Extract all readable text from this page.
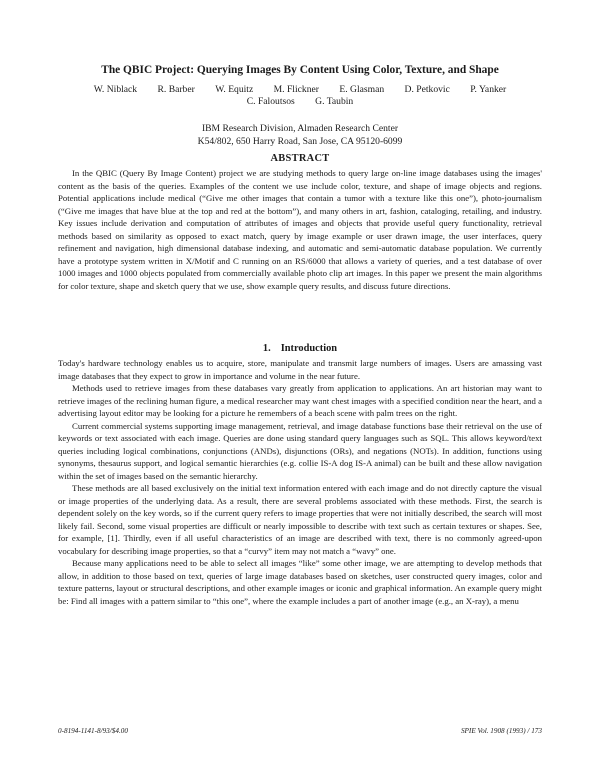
The QBIC Project: Querying Images By Content Using Color, Texture, and Shape
W. Niblack R. Barber W. Equitz M. Flickner E. Glasman D. Petkovic P. Yanker
C. Faloutsos G. Taubin
IBM Research Division, Almaden Research Center
K54/802, 650 Harry Road, San Jose, CA 95120-6099
ABSTRACT
In the QBIC (Query By Image Content) project we are studying methods to query large on-line image databases using the images' content as the basis of the queries. Examples of the content we use include color, texture, and shape of image objects and regions. Potential applications include medical (“Give me other images that contain a tumor with a texture like this one”), photo-journalism (“Give me images that have blue at the top and red at the bottom”), and many others in art, fashion, cataloging, retailing, and industry. Key issues include derivation and computation of attributes of images and objects that provide useful query functionality, retrieval methods based on similarity as opposed to exact match, query by image example or user drawn image, the user interfaces, query refinement and navigation, high dimensional database indexing, and automatic and semi-automatic database population. We currently have a prototype system written in X/Motif and C running on an RS/6000 that allows a variety of queries, and a test database of over 1000 images and 1000 objects populated from commercially available photo clip art images. In this paper we present the main algorithms for color texture, shape and sketch query that we use, show example query results, and discuss future directions.
1. Introduction

Today's hardware technology enables us to acquire, store, manipulate and transmit large numbers of images. Users are amassing vast image databases that they expect to grow in importance and volume in the near future.

Methods used to retrieve images from these databases vary greatly from application to applications. An art historian may want to retrieve images of the reclining human figure, a medical researcher may want chest images with a specified condition near the heart, and a advertising layout editor may be looking for a picture he remembers of a beach scene with palm trees on the right.

Current commercial systems supporting image management, retrieval, and image database functions base their retrieval on the use of keywords or text associated with each image. Queries are done using standard query languages such as SQL. This allows keyword/text queries including logical combinations, conjunctions (ANDs), disjunctions (ORs), and negations (NOTs). In addition, functions using synonyms, thesaurus support, and logical semantic hierarchies (e.g. collie IS-A dog IS-A animal) can be built and these allow navigation within the set of images based on the semantic hierarchy.

These methods are all based exclusively on the initial text information entered with each image and do not directly capture the visual or image properties of the underlying data. As a result, there are several problems associated with these methods. First, the search is dependent solely on the key words, so if the current query refers to image properties that were not initially described, the search will most likely fail. Second, some visual properties are difficult or nearly impossible to describe with text such as certain textures or shapes. See, for example, [1]. Thirdly, even if all useful characteristics of an image are described with text, there is no commonly agreed-upon vocabulary for describing image properties, so that a “curvy” item may not match a “wavy” one.

Because many applications need to be able to select all images “like” some other image, we are attempting to develop methods that allow, in addition to those based on text, queries of large image databases based on sketches, user constructed query images, color and texture patterns, layout or structural descriptions, and other example images or iconic and graphical information. An example query might be: Find all images with a pattern similar to “this one”, where the example includes a part of another image (e.g., an X-ray), a menu

0-8194-1141-8/93/$4.00	SPIE Vol. 1908 (1993) / 173
